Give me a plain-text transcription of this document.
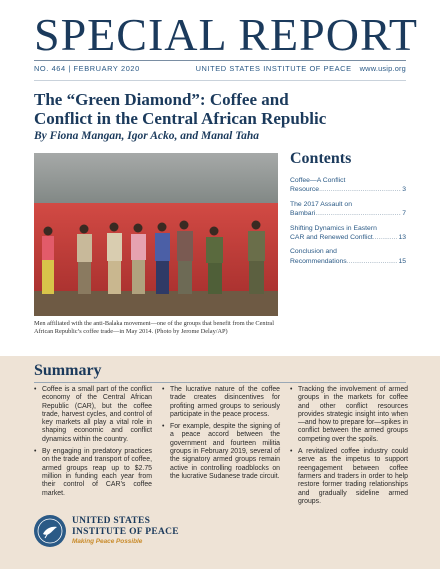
SPECIAL REPORT
NO. 464 | FEBRUARY 2020	UNITED STATES INSTITUTE OF PEACE www.usip.org
The “Green Diamond”: Coffee and Conflict in the Central African Republic
By Fiona Mangan, Igor Acko, and Manal Taha
Men affiliated with the anti-Balaka movement—one of the groups that benefit from the Central African Republic’s coffee trade—in May 2014. (Photo by Jerome Delay/AP)
Contents
Coffee—A Conflict
Resource .....	3
The 2017 Assault on
Bambari .....	7
Shifting Dynamics in Eastern
CAR and Renewed Conflict .....	13
Conclusion and
Recommendations .....	15
Summary

• Coffee is a small part of the conflict economy of the Central African Republic (CAR), but the coffee trade, harvest cycles, and control of key markets all play a vital role in shaping economic and conflict dynamics within the country.

• By engaging in predatory practices on the trade and transport of coffee, armed groups reap up to $2.75 million in funding each year from their control of CAR’s coffee market.

• The lucrative nature of the coffee trade creates disincentives for profiting armed groups to seriously participate in the peace process.

• For example, despite the signing of a peace accord between the government and fourteen militia groups in February 2019, several of the signatory armed groups remain active in controlling roadblocks on the lucrative Sudanese trade circuit.

• Tracking the involvement of armed groups in the markets for coffee and other conflict resources provides strategic insight into when—and how to prepare for—spikes in conflict between the armed groups competing over the spoils.

• A revitalized coffee industry could serve as the impetus to support reengagement between coffee farmers and traders in order to help restore former trading relationships and gradually sideline armed groups.

UNITED STATES
INSTITUTE OF PEACE
Making Peace Possible
